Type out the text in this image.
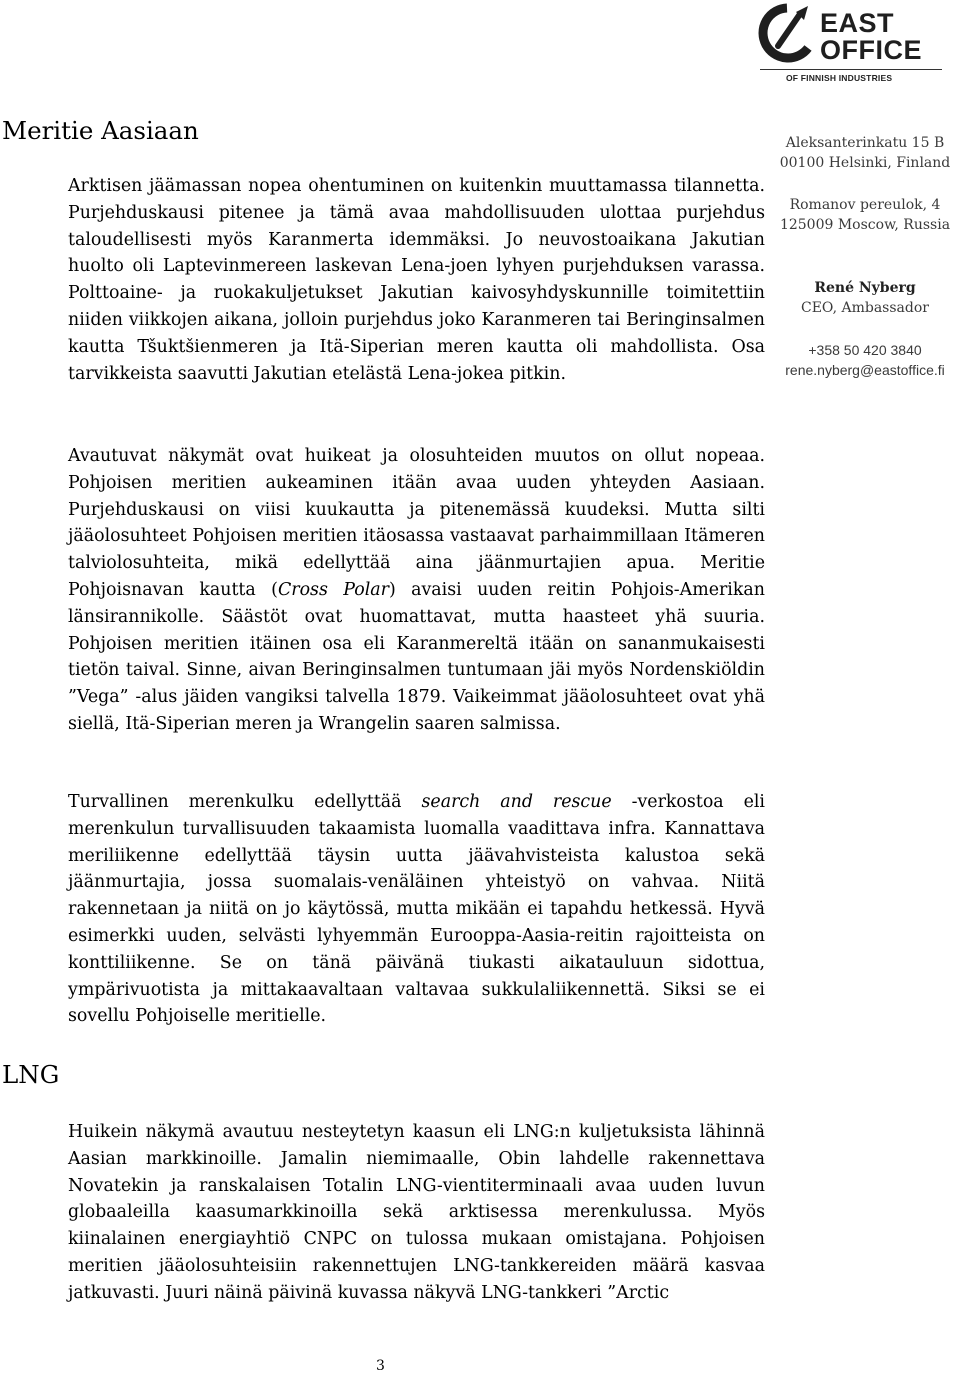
EAST
OFFICE
OF FINNISH INDUSTRIES
Meritie Aasiaan
LNG
Aleksanterinkatu 15 B
00100 Helsinki, Finland
Romanov pereulok, 4
125009 Moscow, Russia
René Nyberg
CEO, Ambassador
+358 50 420 3840
rene.nyberg@eastoffice.fi
Arktisen jäämassan nopea ohentuminen on kuitenkin muuttamassa tilannetta. Purjehduskausi pitenee ja tämä avaa mahdollisuuden ulottaa purjehdus taloudellisesti myös Karanmerta idemmäksi. Jo neuvostoaikana Jakutian huolto oli Laptevinmereen laskevan Lena-joen lyhyen purjehduksen varassa. Polttoaine- ja ruokakuljetukset Jakutian kaivosyhdyskunnille toimitettiin niiden viikkojen aikana, jolloin purjehdus joko Karanmeren tai Beringinsalmen kautta Tšuktšienmeren ja Itä-Siperian meren kautta oli mahdollista. Osa tarvikkeista saavutti Jakutian etelästä Lena-jokea pitkin.
Avautuvat näkymät ovat huikeat ja olosuhteiden muutos on ollut nopeaa. Pohjoisen meritien aukeaminen itään avaa uuden yhteyden Aasiaan. Purjehduskausi on viisi kuukautta ja pitenemässä kuudeksi. Mutta silti jääolosuhteet Pohjoisen meritien itäosassa vastaavat parhaimmillaan Itämeren talviolosuhteita, mikä edellyttää aina jäänmurtajien apua. Meritie Pohjoisnavan kautta (Cross Polar) avaisi uuden reitin Pohjois-Amerikan länsirannikolle. Säästöt ovat huomattavat, mutta haasteet yhä suuria. Pohjoisen meritien itäinen osa eli Karanmereltä itään on sananmukaisesti tietön taival. Sinne, aivan Beringinsalmen tuntumaan jäi myös Nordenskiöldin ”Vega” -alus jäiden vangiksi talvella 1879. Vaikeimmat jääolosuhteet ovat yhä siellä, Itä-Siperian meren ja Wrangelin saaren salmissa.
Turvallinen merenkulku edellyttää search and rescue -verkostoa eli merenkulun turvallisuuden takaamista luomalla vaadittava infra. Kannattava meriliikenne edellyttää täysin uutta jäävahvisteista kalustoa sekä jäänmurtajia, jossa suomalais-venäläinen yhteistyö on vahvaa. Niitä rakennetaan ja niitä on jo käytössä, mutta mikään ei tapahdu hetkessä. Hyvä esimerkki uuden, selvästi lyhyemmän Eurooppa-Aasia-reitin rajoitteista on konttiliikenne. Se on tänä päivänä tiukasti aikatauluun sidottua, ympärivuotista ja mittakaavaltaan valtavaa sukkulaliikennettä. Siksi se ei sovellu Pohjoiselle meritielle.
Huikein näkymä avautuu nesteytetyn kaasun eli LNG:n kuljetuksista lähinnä Aasian markkinoille. Jamalin niemimaalle, Obin lahdelle rakennettava Novatekin ja ranskalaisen Totalin LNG-vientiterminaali avaa uuden luvun globaaleilla kaasumarkkinoilla sekä arktisessa merenkulussa. Myös kiinalainen energiayhtiö CNPC on tulossa mukaan omistajana. Pohjoisen meritien jääolosuhteisiin rakennettujen LNG-tankkereiden määrä kasvaa jatkuvasti. Juuri näinä päivinä kuvassa näkyvä LNG-tankkeri ”Arctic
3
